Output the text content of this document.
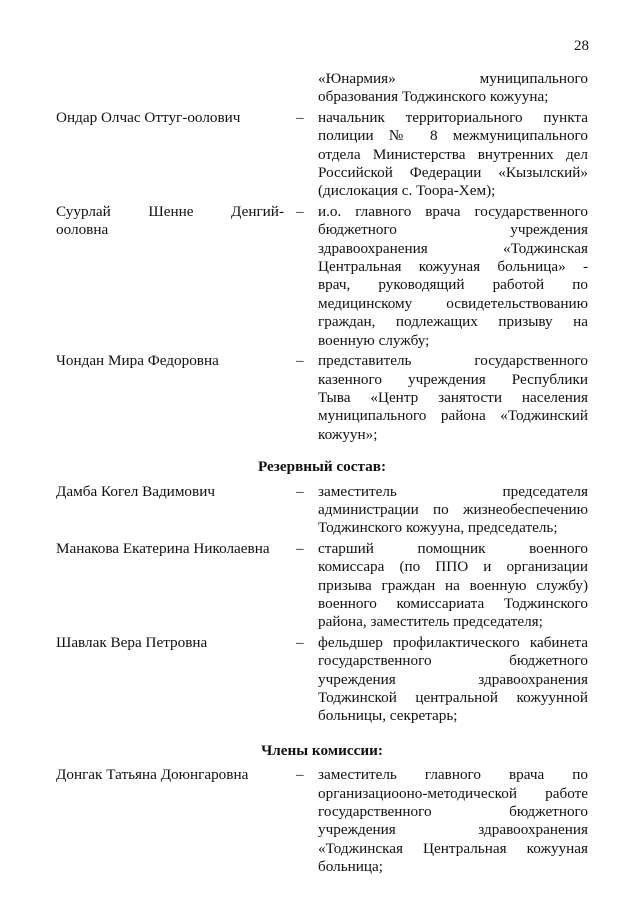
28
«Юнармия» муниципального
образования Тоджинского кожууна;
Ондар Олчас Оттуг-оолович	– начальник территориального пункта
полиции № 8 межмуниципального
отдела Министерства внутренних дел
Российской Федерации «Кызылский»
(дислокация с. Тоора-Хем);
Суурлай Шенне Денгий-
ооловна
– и.о. главного врача государственного
бюджетного учреждения
здравоохранения «Тоджинская
Центральная кожууная больница» -
врач, руководящий работой по
медицинскому освидетельствованию
граждан, подлежащих призыву на
военную службу;
Чондан Мира Федоровна	– представитель государственного
казенного учреждения Республики
Тыва «Центр занятости населения
муниципального района «Тоджинский
кожуун»;
Резервный состав:
Дамба Когел Вадимович	– заместитель председателя
администрации по жизнеобеспечению
Тоджинского кожууна, председатель;
Манакова Екатерина Николаевна	– старший помощник военного
комиссара (по ППО и организации
призыва граждан на военную службу)
военного комиссариата Тоджинского
района, заместитель председателя;
Шавлак Вера Петровна	– фельдшер профилактического кабинета
государственного бюджетного
учреждения здравоохранения
Тоджинской центральной кожуунной
больницы, секретарь;
Члены комиссии:
Донгак Татьяна Доюнгаровна	– заместитель главного врача по
организациооно-методической работе
государственного бюджетного
учреждения здравоохранения
«Тоджинская Центральная кожууная
больница;
